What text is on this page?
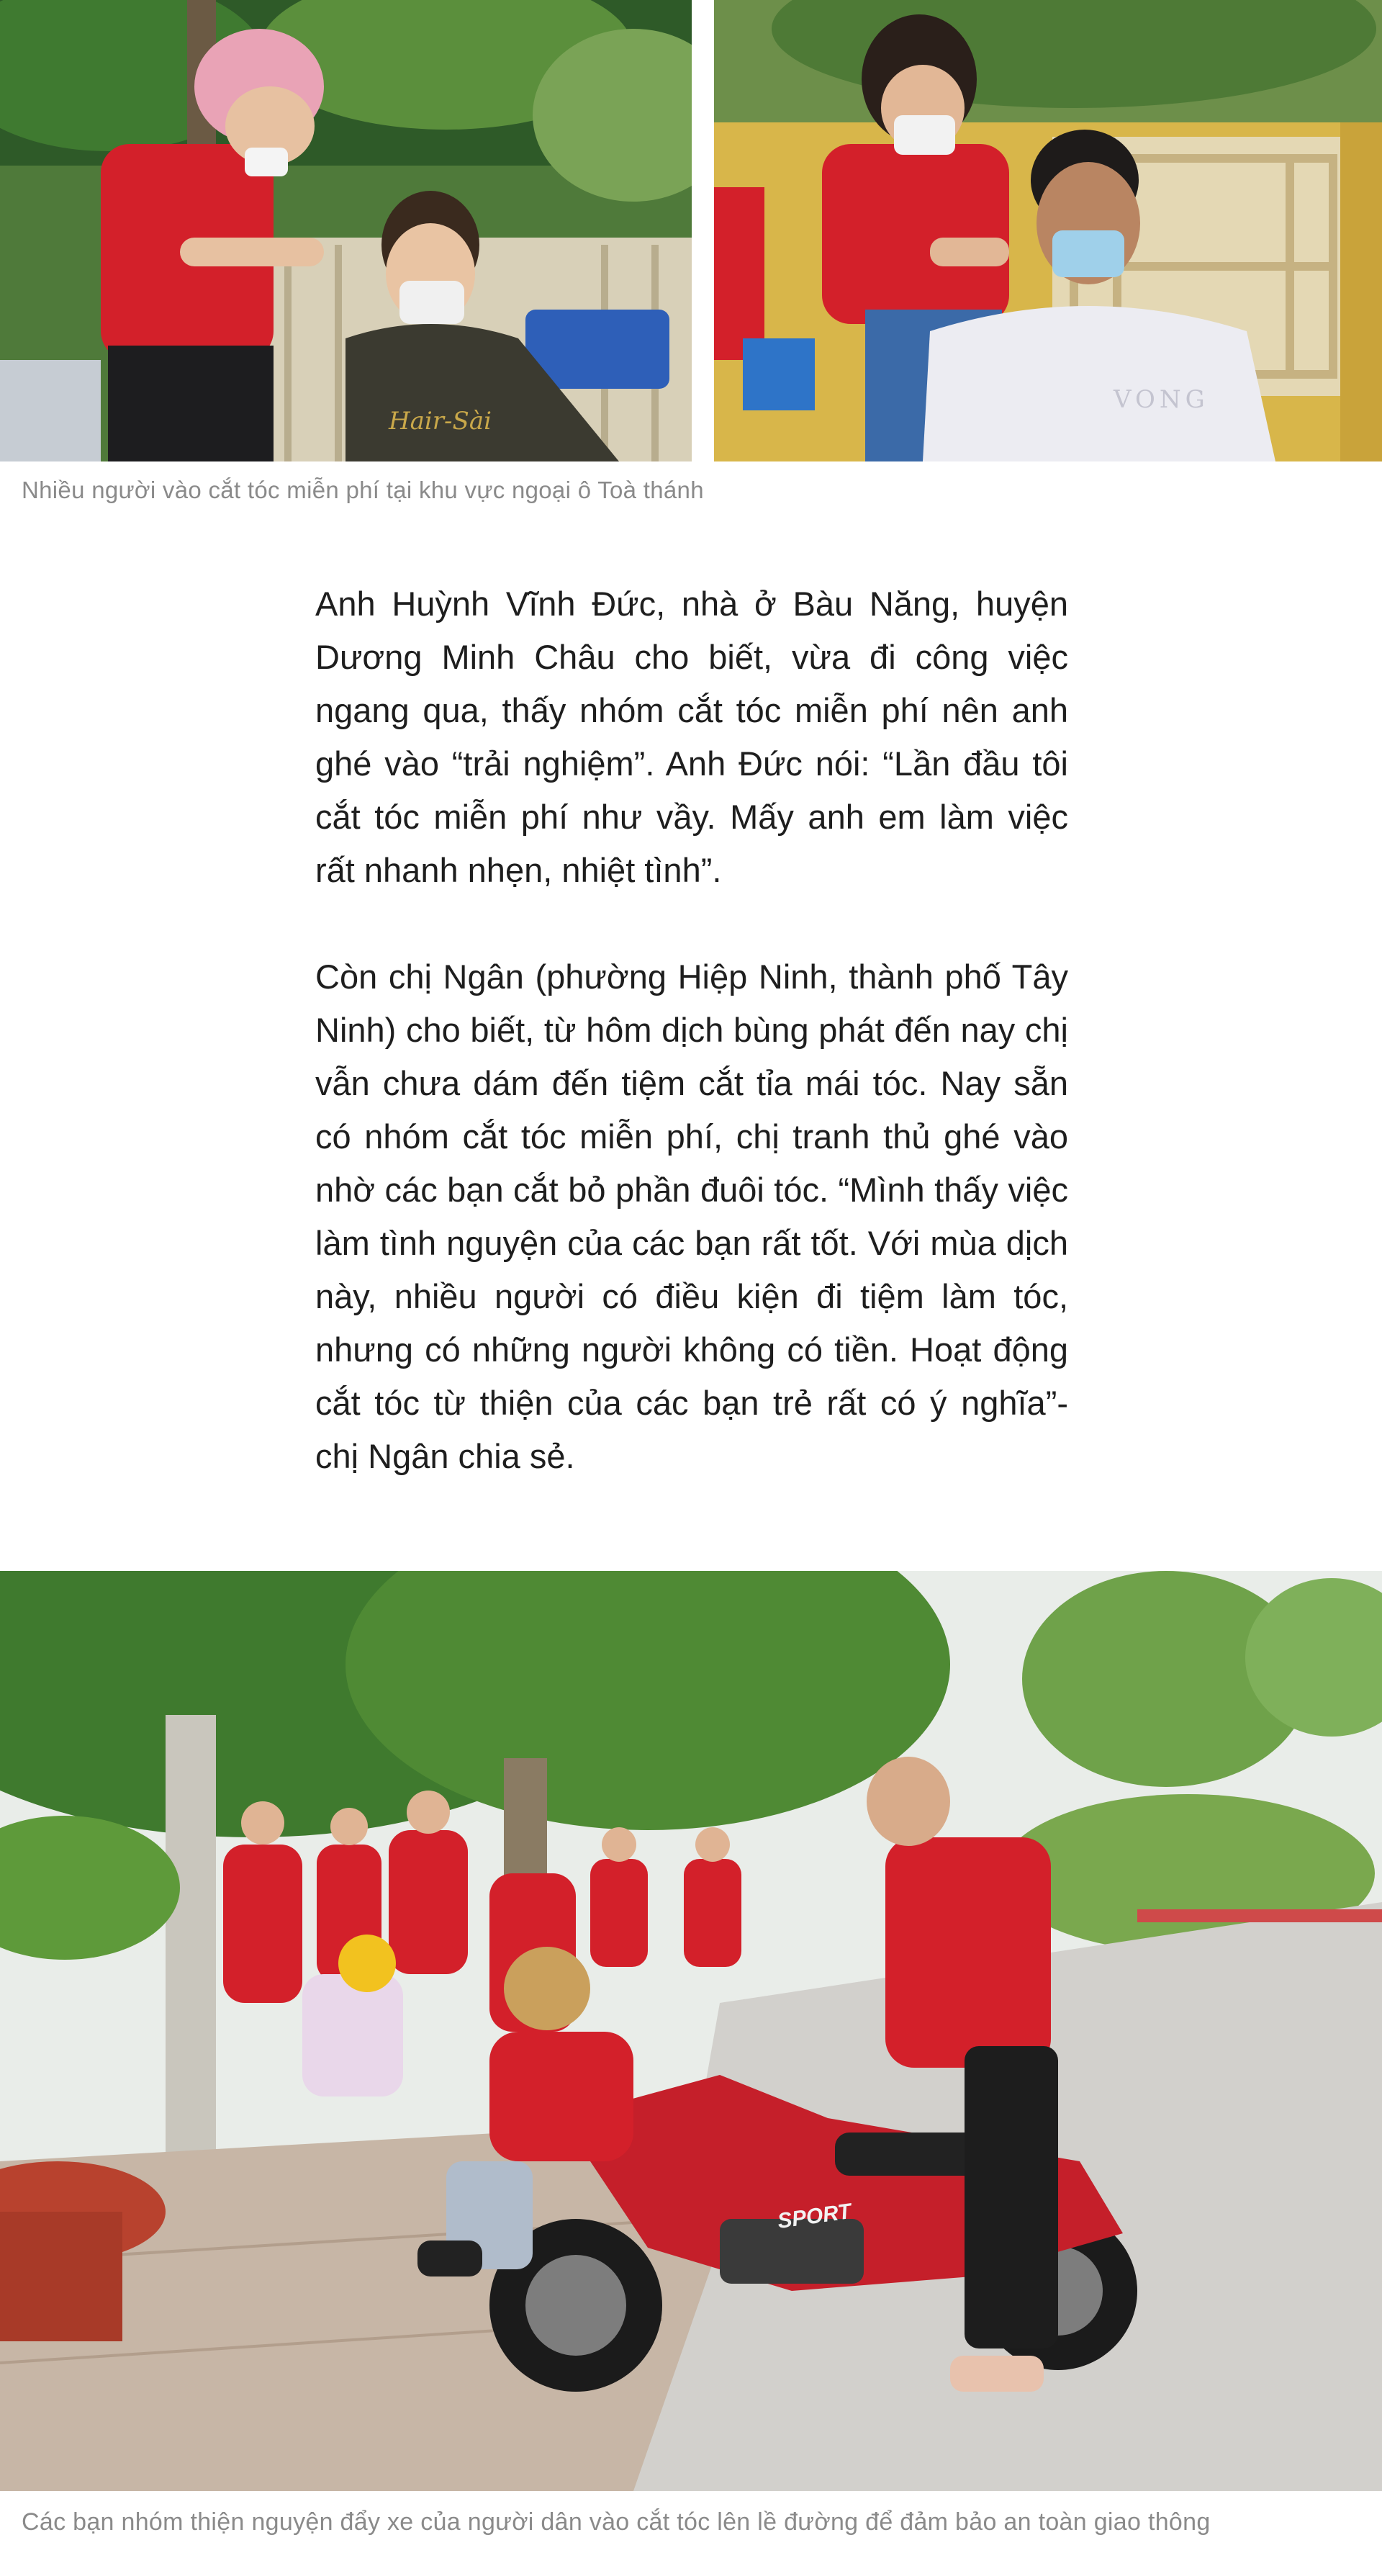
Hair-Sài
VONG
Nhiều người vào cắt tóc miễn phí tại khu vực ngoại ô Toà thánh

Anh Huỳnh Vĩnh Đức, nhà ở Bàu Năng, huyện Dương Minh Châu cho biết, vừa đi công việc ngang qua, thấy nhóm cắt tóc miễn phí nên anh ghé vào “trải nghiệm”. Anh Đức nói: “Lần đầu tôi cắt tóc miễn phí như vầy. Mấy anh em làm việc rất nhanh nhẹn, nhiệt tình”.

Còn chị Ngân (phường Hiệp Ninh, thành phố Tây Ninh) cho biết, từ hôm dịch bùng phát đến nay chị vẫn chưa dám đến tiệm cắt tỉa mái tóc. Nay sẵn có nhóm cắt tóc miễn phí, chị tranh thủ ghé vào nhờ các bạn cắt bỏ phần đuôi tóc. “Mình thấy việc làm tình nguyện của các bạn rất tốt. Với mùa dịch này, nhiều người có điều kiện đi tiệm làm tóc, nhưng có những người không có tiền. Hoạt động cắt tóc từ thiện của các bạn trẻ rất có ý nghĩa”- chị Ngân chia sẻ.

SPORT
Các bạn nhóm thiện nguyện đẩy xe của người dân vào cắt tóc lên lề đường để đảm bảo an toàn giao thông
